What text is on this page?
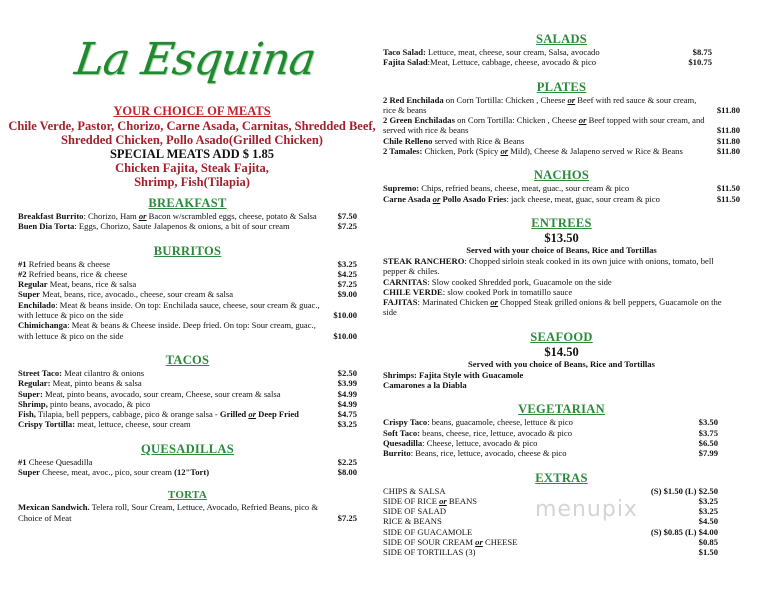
La Esquina
YOUR CHOICE OF MEATS
Chile Verde, Pastor, Chorizo, Carne Asada, Carnitas, Shredded Beef,
Shredded Chicken, Pollo Asado(Grilled Chicken)
SPECIAL MEATS ADD $ 1.85
Chicken Fajita, Steak Fajita,
Shrimp, Fish(Tilapia)
BREAKFAST
Breakfast Burrito: Chorizo, Ham or Bacon w/scrambled eggs, cheese, potato & Salsa	$7.50
Buen Dia Torta: Eggs, Chorizo, Saute Jalapenos & onions, a bit of sour cream	$7.25
BURRITOS
#1 Refried beans & cheese	$3.25
#2 Refried beans, rice & cheese	$4.25
Regular Meat, beans, rice & salsa	$7.25
Super Meat, beans, rice, avocado., cheese, sour cream & salsa	$9.00
Enchilado: Meat & beans inside. On top: Enchilada sauce, cheese, sour cream & guac., with lettuce & pico on the side	$10.00
Chimichanga: Meat & beans & Cheese inside. Deep fried. On top: Sour cream, guac., with lettuce & pico on the side	$10.00
TACOS
Street Taco: Meat cilantro & onions	$2.50
Regular: Meat, pinto beans & salsa	$3.99
Super: Meat, pinto beans, avocado, sour cream, Cheese, sour cream & salsa	$4.99
Shrimp, pinto beans, avocado, & pico	$4.99
Fish, Tilapia, bell peppers, cabbage, pico & orange salsa - Grilled or Deep Fried	$4.75
Crispy Tortilla: meat, lettuce, cheese, sour cream	$3.25
QUESADILLAS
#1 Cheese Quesadilla	$2.25
Super Cheese, meat, avoc., pico, sour cream (12"Tort)	$8.00
TORTA
Mexican Sandwich. Telera roll, Sour Cream, Lettuce, Avocado, Refried Beans, pico & Choice of Meat	$7.25
SALADS
Taco Salad: Lettuce, meat, cheese, sour cream, Salsa, avocado	$8.75
Fajita Salad:Meat, Lettuce, cabbage, cheese, avocado & pico	$10.75
PLATES
2 Red Enchilada on Corn Tortilla: Chicken , Cheese or Beef with red sauce & sour cream, rice & beans	$11.80
2 Green Enchiladas on Corn Tortilla: Chicken , Cheese or Beef topped with sour cream, and served with rice & beans	$11.80
Chile Relleno served with Rice & Beans	$11.80
2 Tamales: Chicken, Pork (Spicy or Mild), Cheese & Jalapeno served w Rice & Beans	$11.80
NACHOS
Supremo: Chips, refried beans, cheese, meat, guac., sour cream & pico	$11.50
Carne Asada or Pollo Asado Fries: jack cheese, meat, guac, sour cream & pico	$11.50
ENTREES
$13.50
Served with your choice of Beans, Rice and Tortillas
STEAK RANCHERO: Chopped sirloin steak cooked in its own juice with onions, tomato, bell pepper & chiles.
CARNITAS: Slow cooked Shredded pork, Guacamole on the side
CHILE VERDE: slow cooked Pork in tomatillo sauce
FAJITAS: Marinated Chicken or Chopped Steak grilled onions & bell peppers, Guacamole on the side
SEAFOOD
$14.50
Served with you choice of Beans, Rice and Tortillas
Shrimps: Fajita Style with Guacamole
Camarones a la Diabla
VEGETARIAN
Crispy Taco: beans, guacamole, cheese, lettuce & pico	$3.50
Soft Taco: beans, cheese, rice, lettuce, avocado & pico	$3.75
Quesadilla: Cheese, lettuce, avocado & pico	$6.50
Burrito: Beans, rice, lettuce, avocado, cheese & pico	$7.99
EXTRAS
CHIPS & SALSA	(S) $1.50 (L) $2.50
SIDE OF RICE or BEANS	$3.25
SIDE OF SALAD	$3.25
RICE & BEANS	$4.50
SIDE OF GUACAMOLE	(S) $0.85 (L) $4.00
SIDE OF SOUR CREAM or CHEESE	$0.85
SIDE OF TORTILLAS (3)	$1.50
menupix
